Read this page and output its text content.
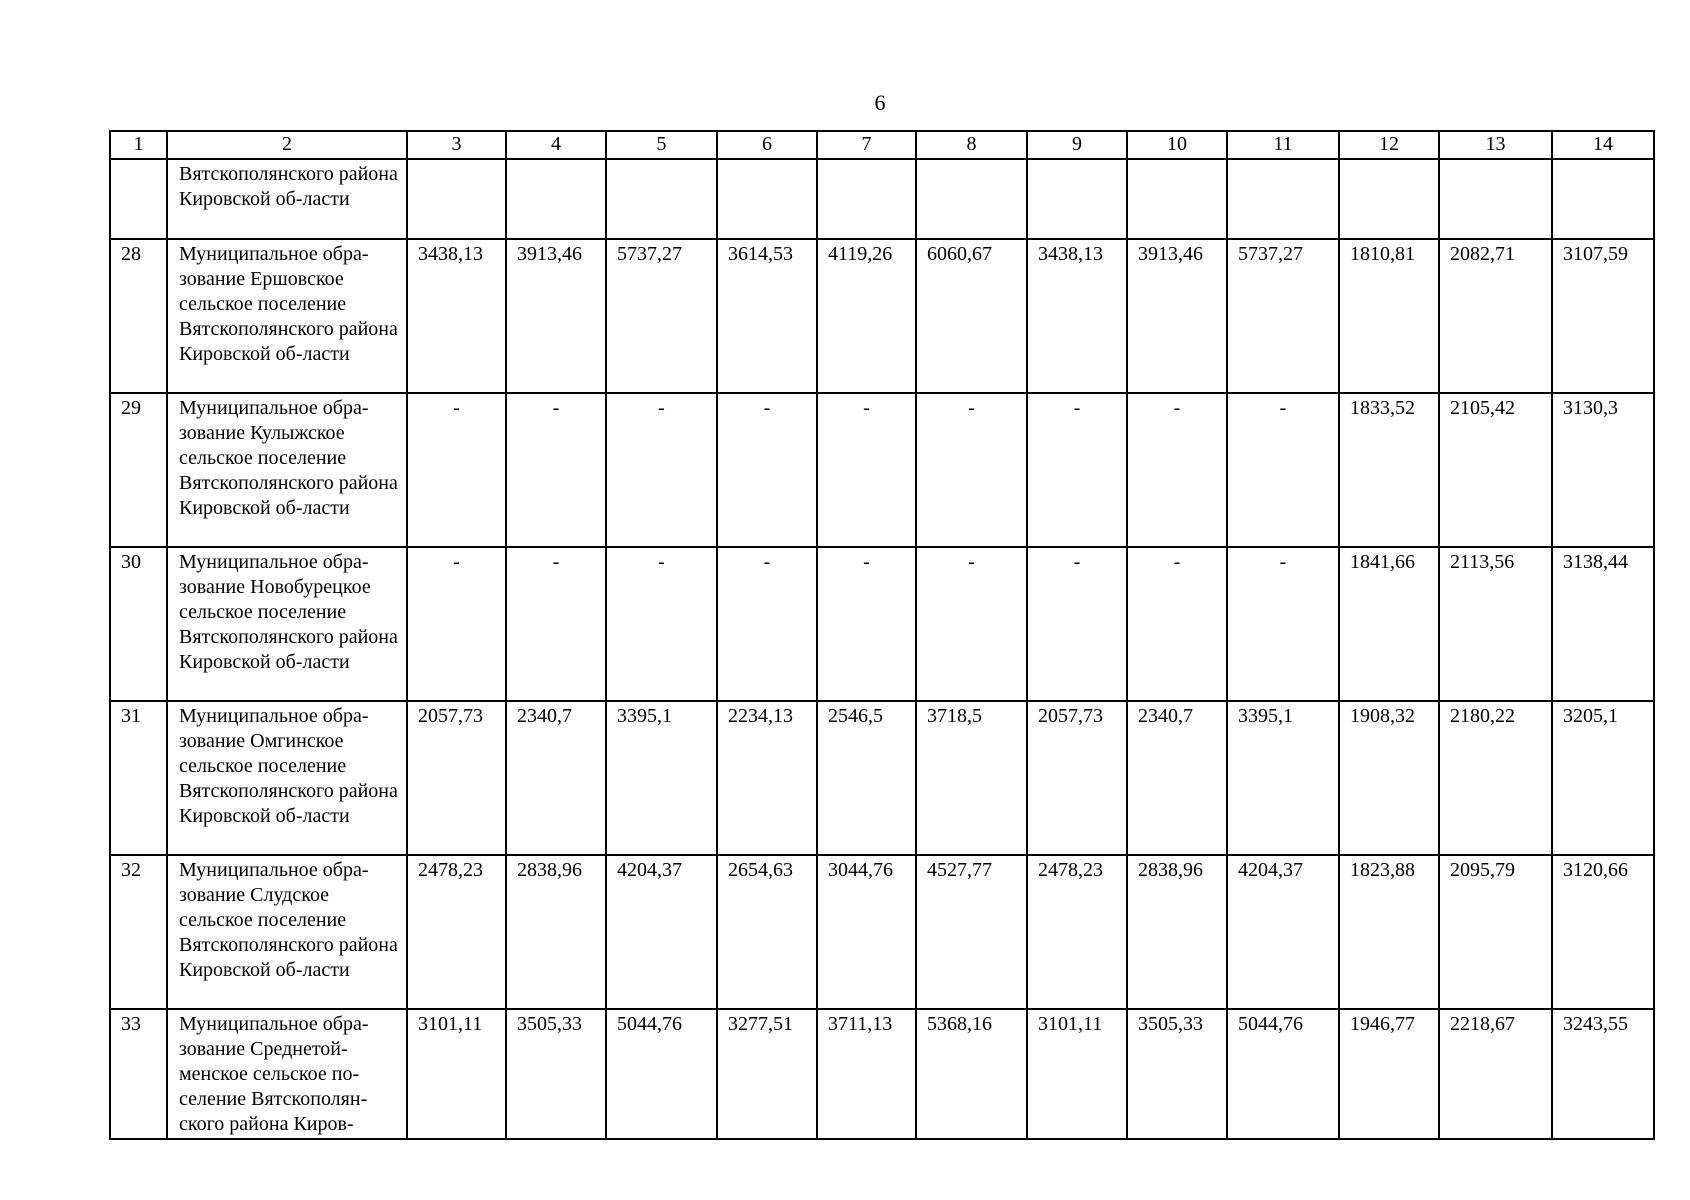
6
1	2	3	4	5	6	7	8	9	10	11	12	13	14
	Вятскополянского района Кировской об-ласти												
28	Муниципальное обра-зование Ершовское сельское поселение Вятскополянского района Кировской об-ласти	3438,13	3913,46	5737,27	3614,53	4119,26	6060,67	3438,13	3913,46	5737,27	1810,81	2082,71	3107,59
29	Муниципальное обра-зование Кулыжское сельское поселение Вятскополянского района Кировской об-ласти	-	-	-	-	-	-	-	-	-	1833,52	2105,42	3130,3
30	Муниципальное обра-зование Новобурецкое сельское поселение Вятскополянского района Кировской об-ласти	-	-	-	-	-	-	-	-	-	1841,66	2113,56	3138,44
31	Муниципальное обра-зование Омгинское сельское поселение Вятскополянского района Кировской об-ласти	2057,73	2340,7	3395,1	2234,13	2546,5	3718,5	2057,73	2340,7	3395,1	1908,32	2180,22	3205,1
32	Муниципальное обра-зование Слудское сельское поселение Вятскополянского района Кировской об-ласти	2478,23	2838,96	4204,37	2654,63	3044,76	4527,77	2478,23	2838,96	4204,37	1823,88	2095,79	3120,66
33	Муниципальное обра-зование Среднетой-менское сельское по-селение Вятскополян-ского района Киров-	3101,11	3505,33	5044,76	3277,51	3711,13	5368,16	3101,11	3505,33	5044,76	1946,77	2218,67	3243,55
